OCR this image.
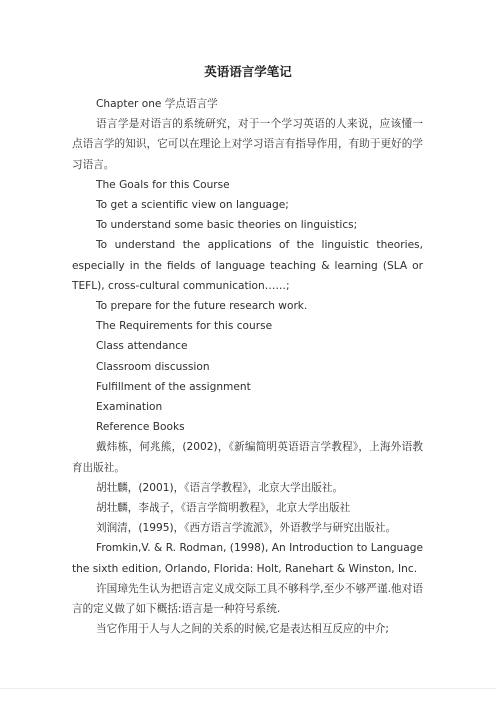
英语语言学笔记

Chapter one 学点语言学

语言学是对语言的系统研究，对于一个学习英语的人来说，应该懂一点语言学的知识，它可以在理论上对学习语言有指导作用，有助于更好的学习语言。

The Goals for this Course

To get a scientific view on language;

To understand some basic theories on linguistics;

To understand the applications of the linguistic theories, especially in the fields of language teaching & learning (SLA or TEFL), cross-cultural communication……;

To prepare for the future research work.

The Requirements for this course

Class attendance

Classroom discussion

Fulfillment of the assignment

Examination

Reference Books

戴炜栋，何兆熊，(2002)，《新编简明英语语言学教程》，上海外语教育出版社。

胡壮麟，(2001)，《语言学教程》，北京大学出版社。

胡壮麟，李战子，《语言学简明教程》，北京大学出版社

刘润清，(1995)，《西方语言学流派》，外语教学与研究出版社。

Fromkin,V. & R. Rodman, (1998), An Introduction to Language the sixth edition, Orlando, Florida: Holt, Ranehart & Winston, Inc.

许国璋先生认为把语言定义成交际工具不够科学,至少不够严谨.他对语言的定义做了如下概括:语言是一种符号系统.

当它作用于人与人之间的关系的时候,它是表达相互反应的中介;
